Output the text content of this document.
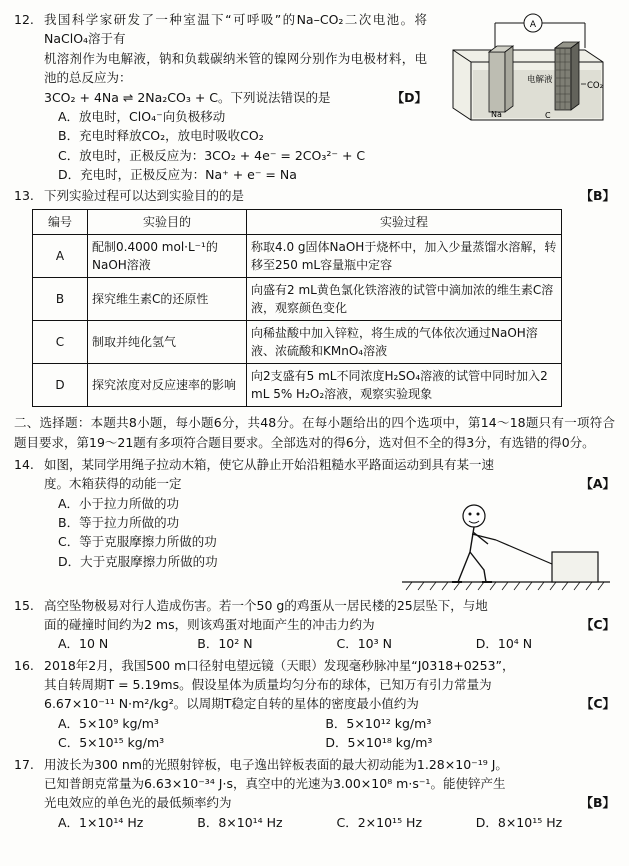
12.	A
电解液
CO₂
Na	C
我国科学家研发了一种室温下“可呼吸”的Na–CO₂二次电池。将NaClO₄溶于有
机溶剂作为电解液，钠和负载碳纳米管的镍网分别作为电极材料，电池的总反应为：
【D】
3CO₂ + 4Na ⇌ 2Na₂CO₃ + C。下列说法错误的是
A．放电时，ClO₄⁻向负极移动
B．充电时释放CO₂，放电时吸收CO₂
C．放电时，正极反应为：3CO₂ + 4e⁻ = 2CO₃²⁻ + C
D．充电时，正极反应为：Na⁺ + e⁻ = Na
13.	【B】
下列实验过程可以达到实验目的的是
编号	实验目的	实验过程
A	配制0.4000 mol·L⁻¹的NaOH溶液	称取4.0 g固体NaOH于烧杯中，加入少量蒸馏水溶解，转移至250 mL容量瓶中定容
B	探究维生素C的还原性	向盛有2 mL黄色氯化铁溶液的试管中滴加浓的维生素C溶液，观察颜色变化
C	制取并纯化氢气	向稀盐酸中加入锌粒，将生成的气体依次通过NaOH溶液、浓硫酸和KMnO₄溶液
D	探究浓度对反应速率的影响	向2支盛有5 mL不同浓度H₂SO₄溶液的试管中同时加入2 mL 5% H₂O₂溶液，观察实验现象
二、选择题：本题共8小题，每小题6分，共48分。在每小题给出的四个选项中，第14～18题只有一项符合题目要求，第19～21题有多项符合题目要求。全部选对的得6分，选对但不全的得3分，有选错的得0分。
14. 如图，某同学用绳子拉动木箱，使它从静止开始沿粗糙水平路面运动到具有某一速
【A】
度。木箱获得的动能一定
A．小于拉力所做的功
B．等于拉力所做的功
C．等于克服摩擦力所做的功
D．大于克服摩擦力所做的功
15. 高空坠物极易对行人造成伤害。若一个50 g的鸡蛋从一居民楼的25层坠下，与地
【C】
面的碰撞时间约为2 ms，则该鸡蛋对地面产生的冲击力约为
A．10 N	B．10² N	C．10³ N	D．10⁴ N
16. 2018年2月，我国500 m口径射电望远镜（天眼）发现毫秒脉冲星“J0318+0253”，
其自转周期T = 5.19ms。假设星体为质量均匀分布的球体，已知万有引力常量为
【C】
6.67×10⁻¹¹ N·m²/kg²。以周期T稳定自转的星体的密度最小值约为
A．5×10⁹ kg/m³	B．5×10¹² kg/m³
C．5×10¹⁵ kg/m³	D．5×10¹⁸ kg/m³
17. 用波长为300 nm的光照射锌板，电子逸出锌板表面的最大初动能为1.28×10⁻¹⁹ J。
已知普朗克常量为6.63×10⁻³⁴ J·s，真空中的光速为3.00×10⁸ m·s⁻¹。能使锌产生
【B】
光电效应的单色光的最低频率约为
A．1×10¹⁴ Hz	B．8×10¹⁴ Hz	C．2×10¹⁵ Hz	D．8×10¹⁵ Hz
